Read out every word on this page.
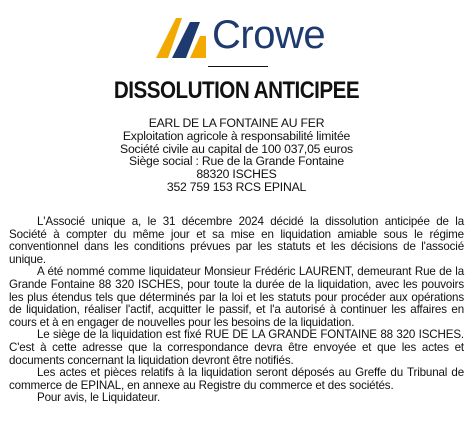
Crowe
DISSOLUTION ANTICIPEE
EARL DE LA FONTAINE AU FER
Exploitation agricole à responsabilité limitée
Société civile au capital de 100 037,05 euros
Siège social : Rue de la Grande Fontaine
88320 ISCHES
352 759 153 RCS EPINAL

L'Associé unique a, le 31 décembre 2024 décidé la dissolution anticipée de la Société à compter du même jour et sa mise en liquidation amiable sous le régime conventionnel dans les conditions prévues par les statuts et les décisions de l'associé unique.

A été nommé comme liquidateur Monsieur Frédéric LAURENT, demeurant Rue de la Grande Fontaine 88 320 ISCHES, pour toute la durée de la liquidation, avec les pouvoirs les plus étendus tels que déterminés par la loi et les statuts pour procéder aux opérations de liquidation, réaliser l'actif, acquitter le passif, et l'a autorisé à continuer les affaires en cours et à en engager de nouvelles pour les besoins de la liquidation.

Le siège de la liquidation est fixé RUE DE LA GRANDE FONTAINE 88 320 ISCHES. C'est à cette adresse que la correspondance devra être envoyée et que les actes et documents concernant la liquidation devront être notifiés.

Les actes et pièces relatifs à la liquidation seront déposés au Greffe du Tribunal de commerce de EPINAL, en annexe au Registre du commerce et des sociétés.

Pour avis, le Liquidateur.
